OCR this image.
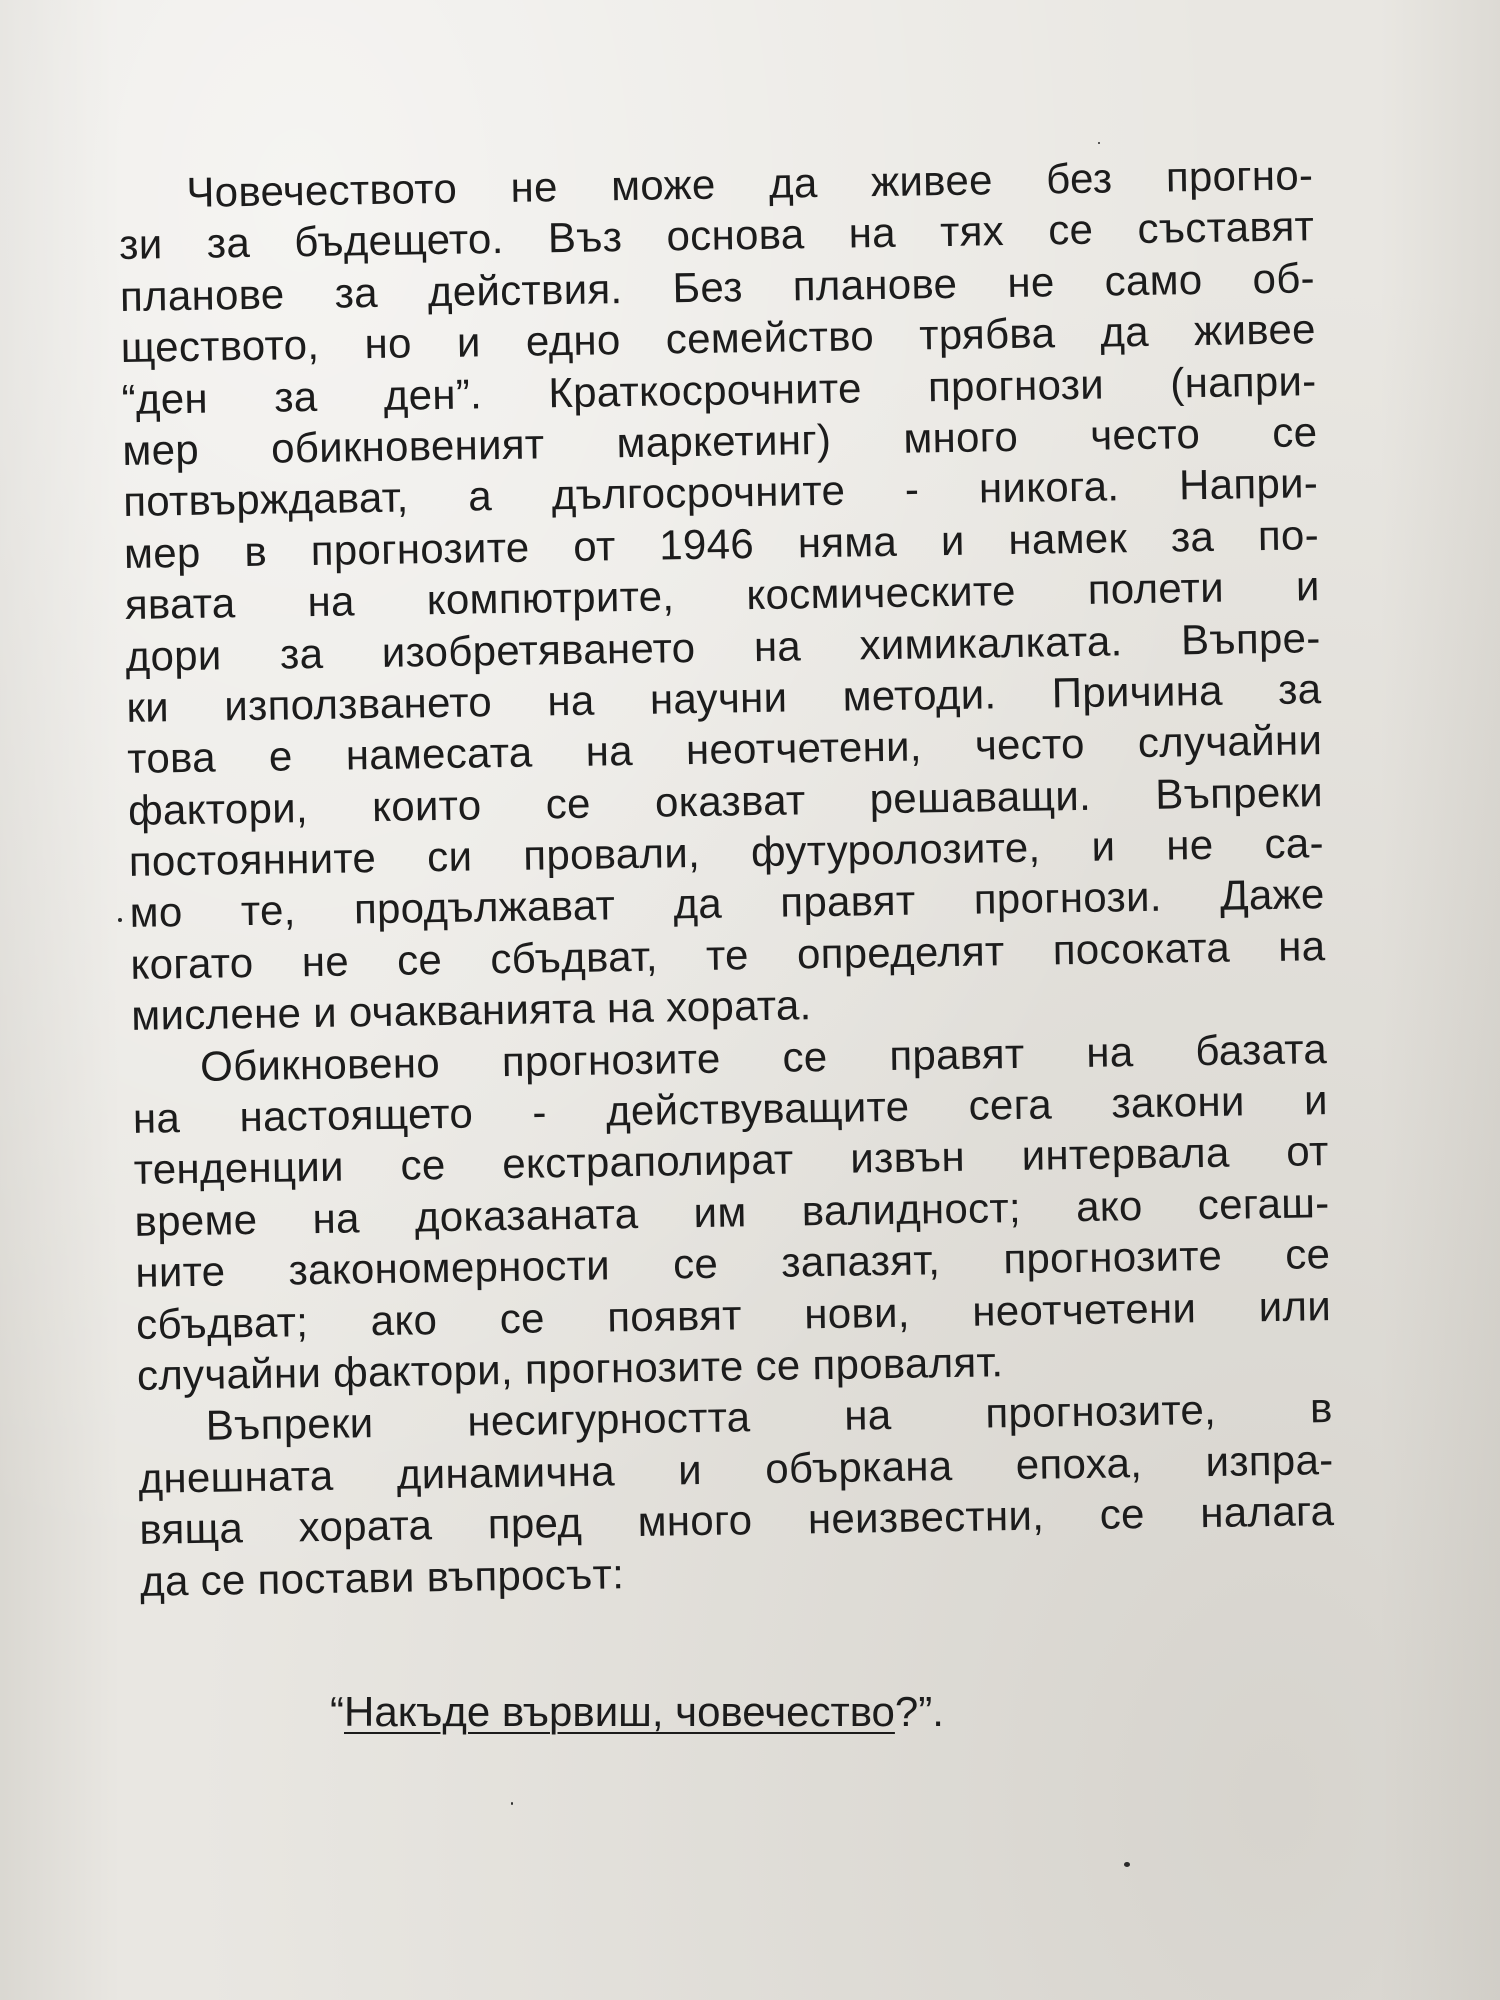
Човечеството не може да живее без прогно-
зи за бъдещето. Въз основа на тях се съставят
планове за действия. Без планове не само об-
ществото, но и едно семейство трябва да живее
“ден за ден”. Краткосрочните прогнози (напри-
мер обикновеният маркетинг) много често се
потвърждават, а дългосрочните - никога. Напри-
мер в прогнозите от 1946 няма и намек за по-
явата на компютрите, космическите полети и
дори за изобретяването на химикалката. Въпре-
ки използването на научни методи. Причина за
това е намесата на неотчетени, често случайни
фактори, които се оказват решаващи. Въпреки
постоянните си провали, футуролозите, и не са-
мо те, продължават да правят прогнози. Даже
когато не се сбъдват, те определят посоката на
мислене и очакванията на хората.
Обикновено прогнозите се правят на базата
на настоящето - действуващите сега закони и
тенденции се екстраполират извън интервала от
време на доказаната им валидност; ако сегаш-
ните закономерности се запазят, прогнозите се
сбъдват; ако се появят нови, неотчетени или
случайни фактори, прогнозите се провалят.
Въпреки несигурността на прогнозите, в
днешната динамична и объркана епоха, изпра-
вяща хората пред много неизвестни, се налага
да се постави въпросът:
“Накъде вървиш, човечество?”.
